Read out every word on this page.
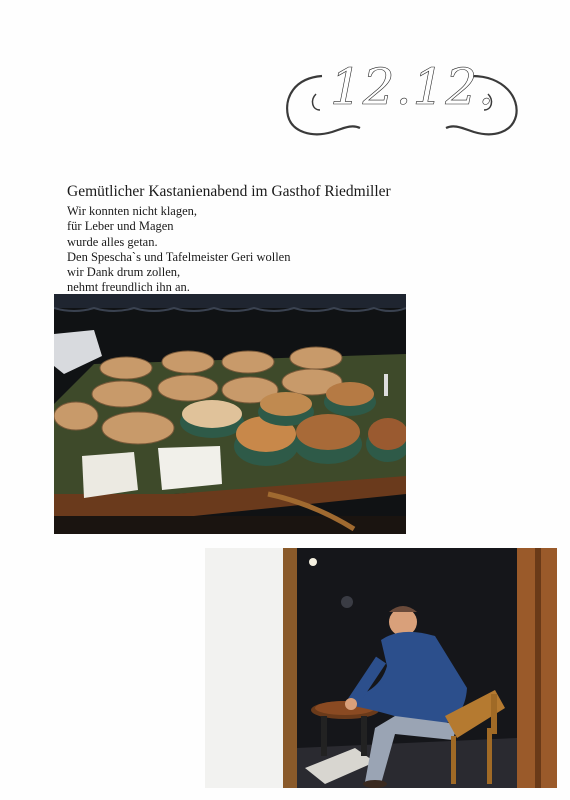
12.12.
Gemütlicher Kastanienabend im Gasthof Riedmiller
Wir konnten nicht klagen,
für Leber und Magen
wurde alles getan.
Den Spescha`s und Tafelmeister Geri wollen
wir Dank drum zollen,
nehmt freundlich ihn an.
